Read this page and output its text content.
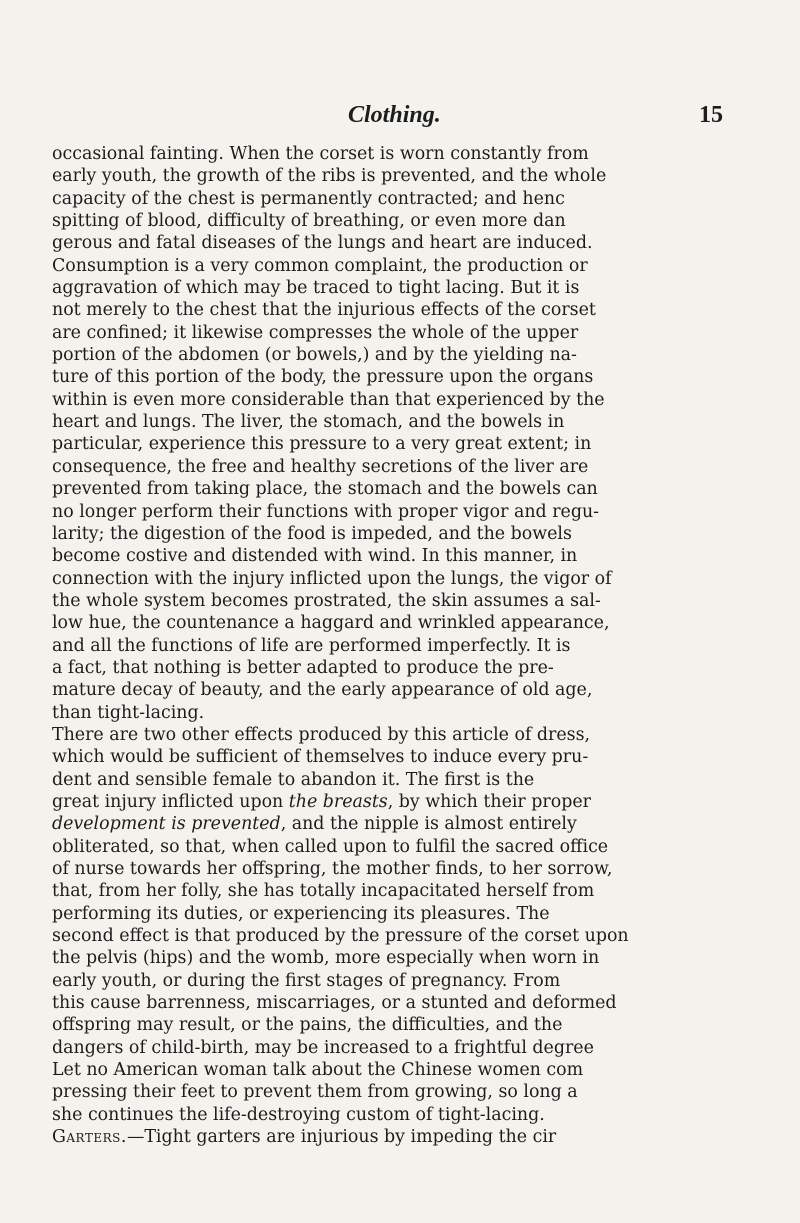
Clothing.	15
occasional fainting. When the corset is worn constantly from
early youth, the growth of the ribs is prevented, and the whole
capacity of the chest is permanently contracted; and henc
spitting of blood, difficulty of breathing, or even more dan
gerous and fatal diseases of the lungs and heart are induced.
Consumption is a very common complaint, the production or
aggravation of which may be traced to tight lacing. But it is
not merely to the chest that the injurious effects of the corset
are confined; it likewise compresses the whole of the upper
portion of the abdomen (or bowels,) and by the yielding na-
ture of this portion of the body, the pressure upon the organs
within is even more considerable than that experienced by the
heart and lungs. The liver, the stomach, and the bowels in
particular, experience this pressure to a very great extent; in
consequence, the free and healthy secretions of the liver are
prevented from taking place, the stomach and the bowels can
no longer perform their functions with proper vigor and regu-
larity; the digestion of the food is impeded, and the bowels
become costive and distended with wind. In this manner, in
connection with the injury inflicted upon the lungs, the vigor of
the whole system becomes prostrated, the skin assumes a sal-
low hue, the countenance a haggard and wrinkled appearance,
and all the functions of life are performed imperfectly. It is
a fact, that nothing is better adapted to produce the pre-
mature decay of beauty, and the early appearance of old age,
than tight-lacing.
There are two other effects produced by this article of dress,
which would be sufficient of themselves to induce every pru-
dent and sensible female to abandon it. The first is the
great injury inflicted upon the breasts, by which their proper
development is prevented, and the nipple is almost entirely
obliterated, so that, when called upon to fulfil the sacred office
of nurse towards her offspring, the mother finds, to her sorrow,
that, from her folly, she has totally incapacitated herself from
performing its duties, or experiencing its pleasures. The
second effect is that produced by the pressure of the corset upon
the pelvis (hips) and the womb, more especially when worn in
early youth, or during the first stages of pregnancy. From
this cause barrenness, miscarriages, or a stunted and deformed
offspring may result, or the pains, the difficulties, and the
dangers of child-birth, may be increased to a frightful degree
Let no American woman talk about the Chinese women com
pressing their feet to prevent them from growing, so long a
she continues the life-destroying custom of tight-lacing.
Garters.—Tight garters are injurious by impeding the cir
